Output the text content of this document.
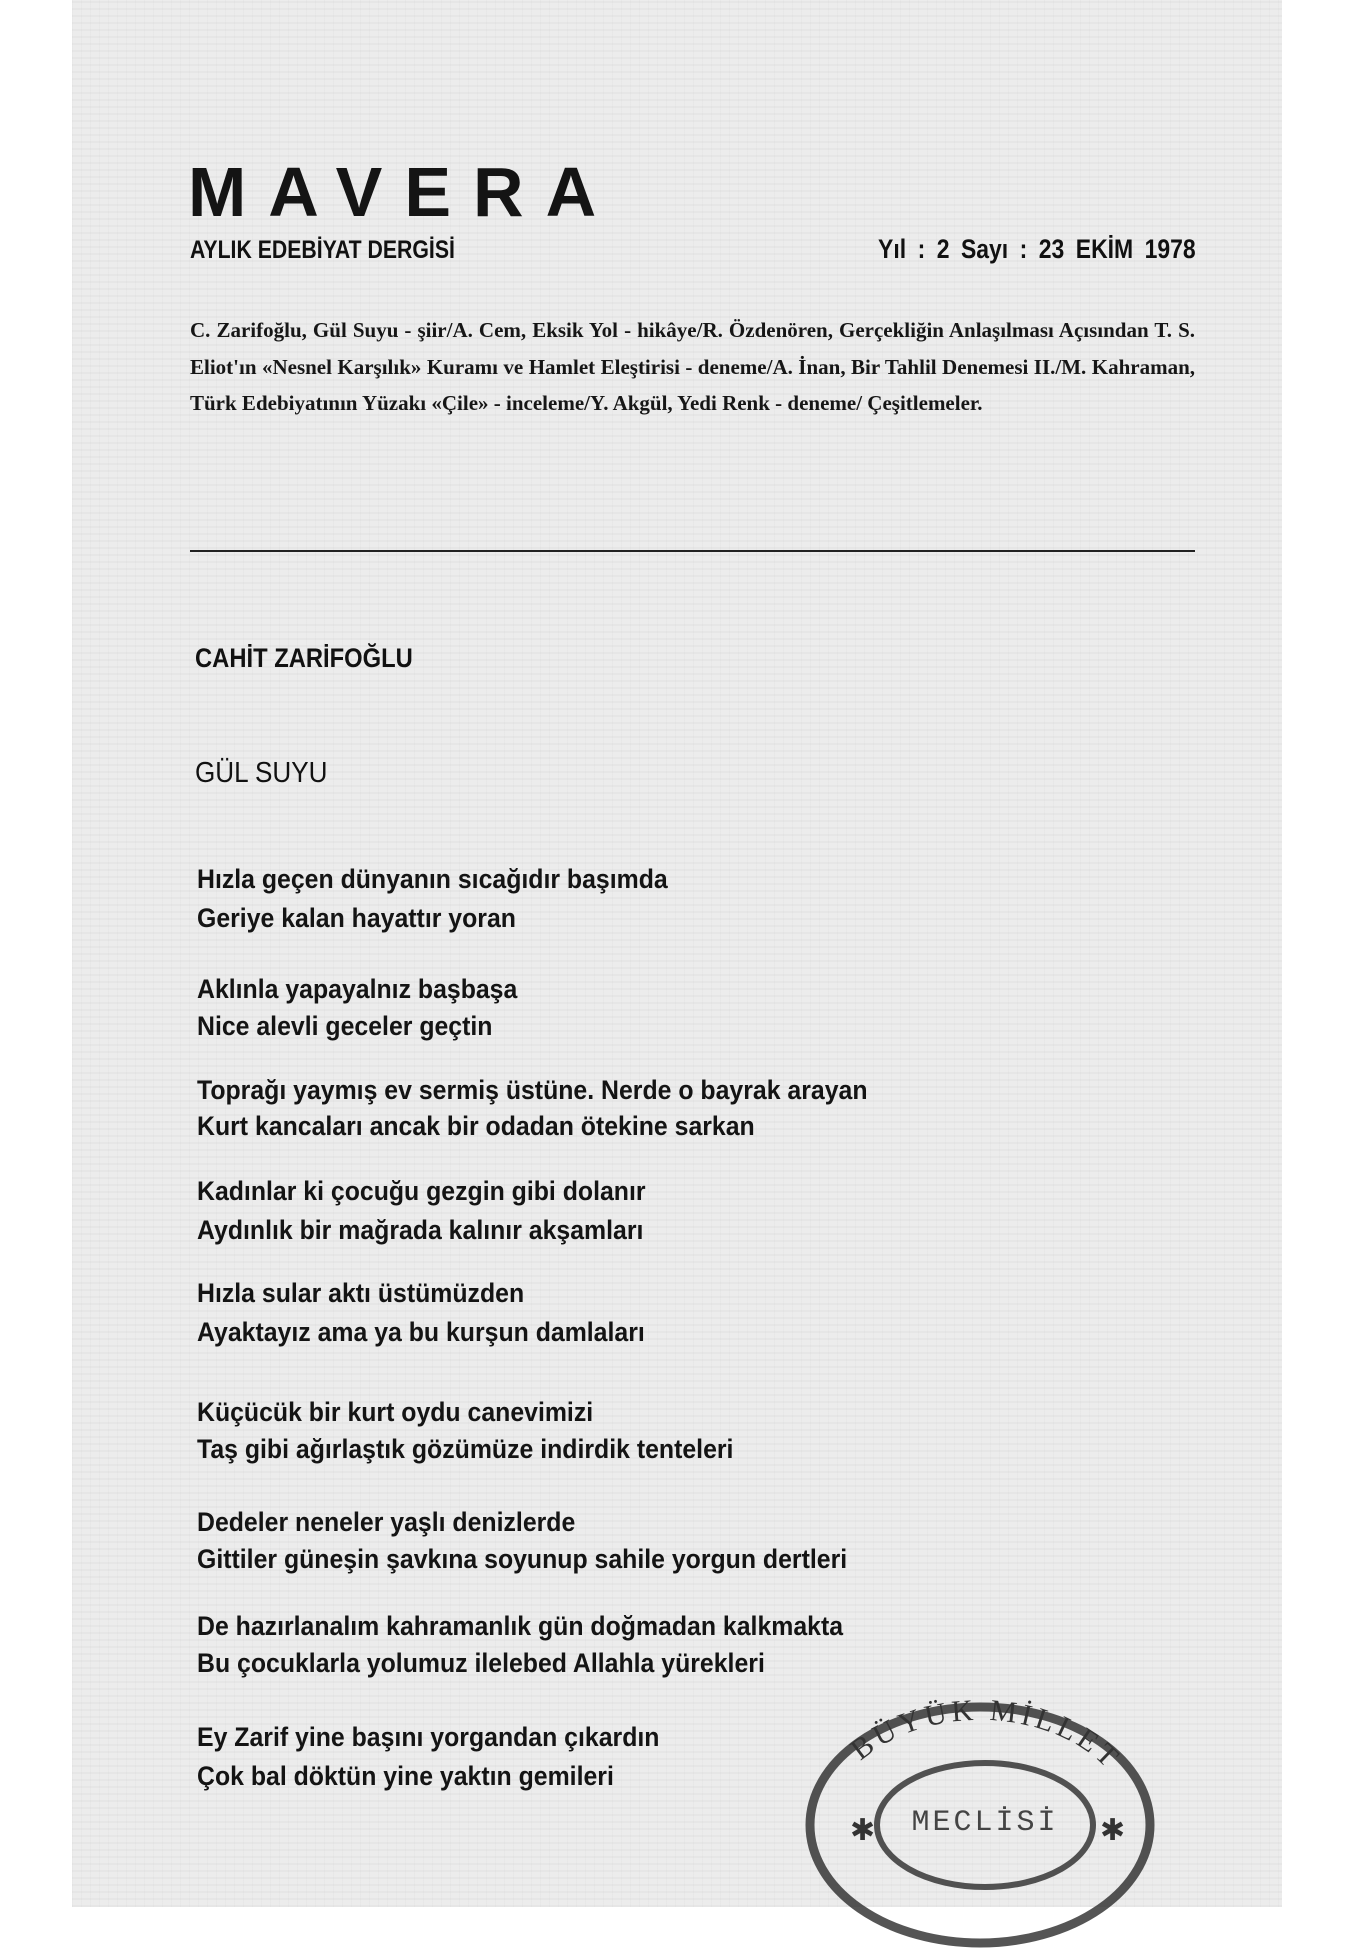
MAVERA
AYLIK EDEBİYAT DERGİSİ	Yıl : 2 Sayı : 23 EKİM 1978
C. Zarifoğlu, Gül Suyu - şiir/A. Cem, Eksik Yol - hikâye/R. Özdenören, Gerçekliğin Anlaşılması Açısından T. S. Eliot'ın «Nesnel Karşılık» Kuramı ve Hamlet Eleştirisi - deneme/A. İnan, Bir Tahlil Denemesi II./M. Kahraman, Türk Edebiyatının Yüzakı «Çile» - inceleme/Y. Akgül, Yedi Renk - deneme/ Çeşitlemeler.
CAHİT ZARİFOĞLU
GÜL SUYU
Hızla geçen dünyanın sıcağıdır başımda
Geriye kalan hayattır yoran
Aklınla yapayalnız başbaşa
Nice alevli geceler geçtin
Toprağı yaymış ev sermiş üstüne. Nerde o bayrak arayan
Kurt kancaları ancak bir odadan ötekine sarkan
Kadınlar ki çocuğu gezgin gibi dolanır
Aydınlık bir mağrada kalınır akşamları
Hızla sular aktı üstümüzden
Ayaktayız ama ya bu kurşun damlaları
Küçücük bir kurt oydu canevimizi
Taş gibi ağırlaştık gözümüze indirdik tenteleri
Dedeler neneler yaşlı denizlerde
Gittiler güneşin şavkına soyunup sahile yorgun dertleri
De hazırlanalım kahramanlık gün doğmadan kalkmakta
Bu çocuklarla yolumuz ilelebed Allahla yürekleri
Ey Zarif yine başını yorgandan çıkardın
Çok bal döktün yine yaktın gemileri
BÜYÜK MİLLET
MECLİSİ
✱	✱
